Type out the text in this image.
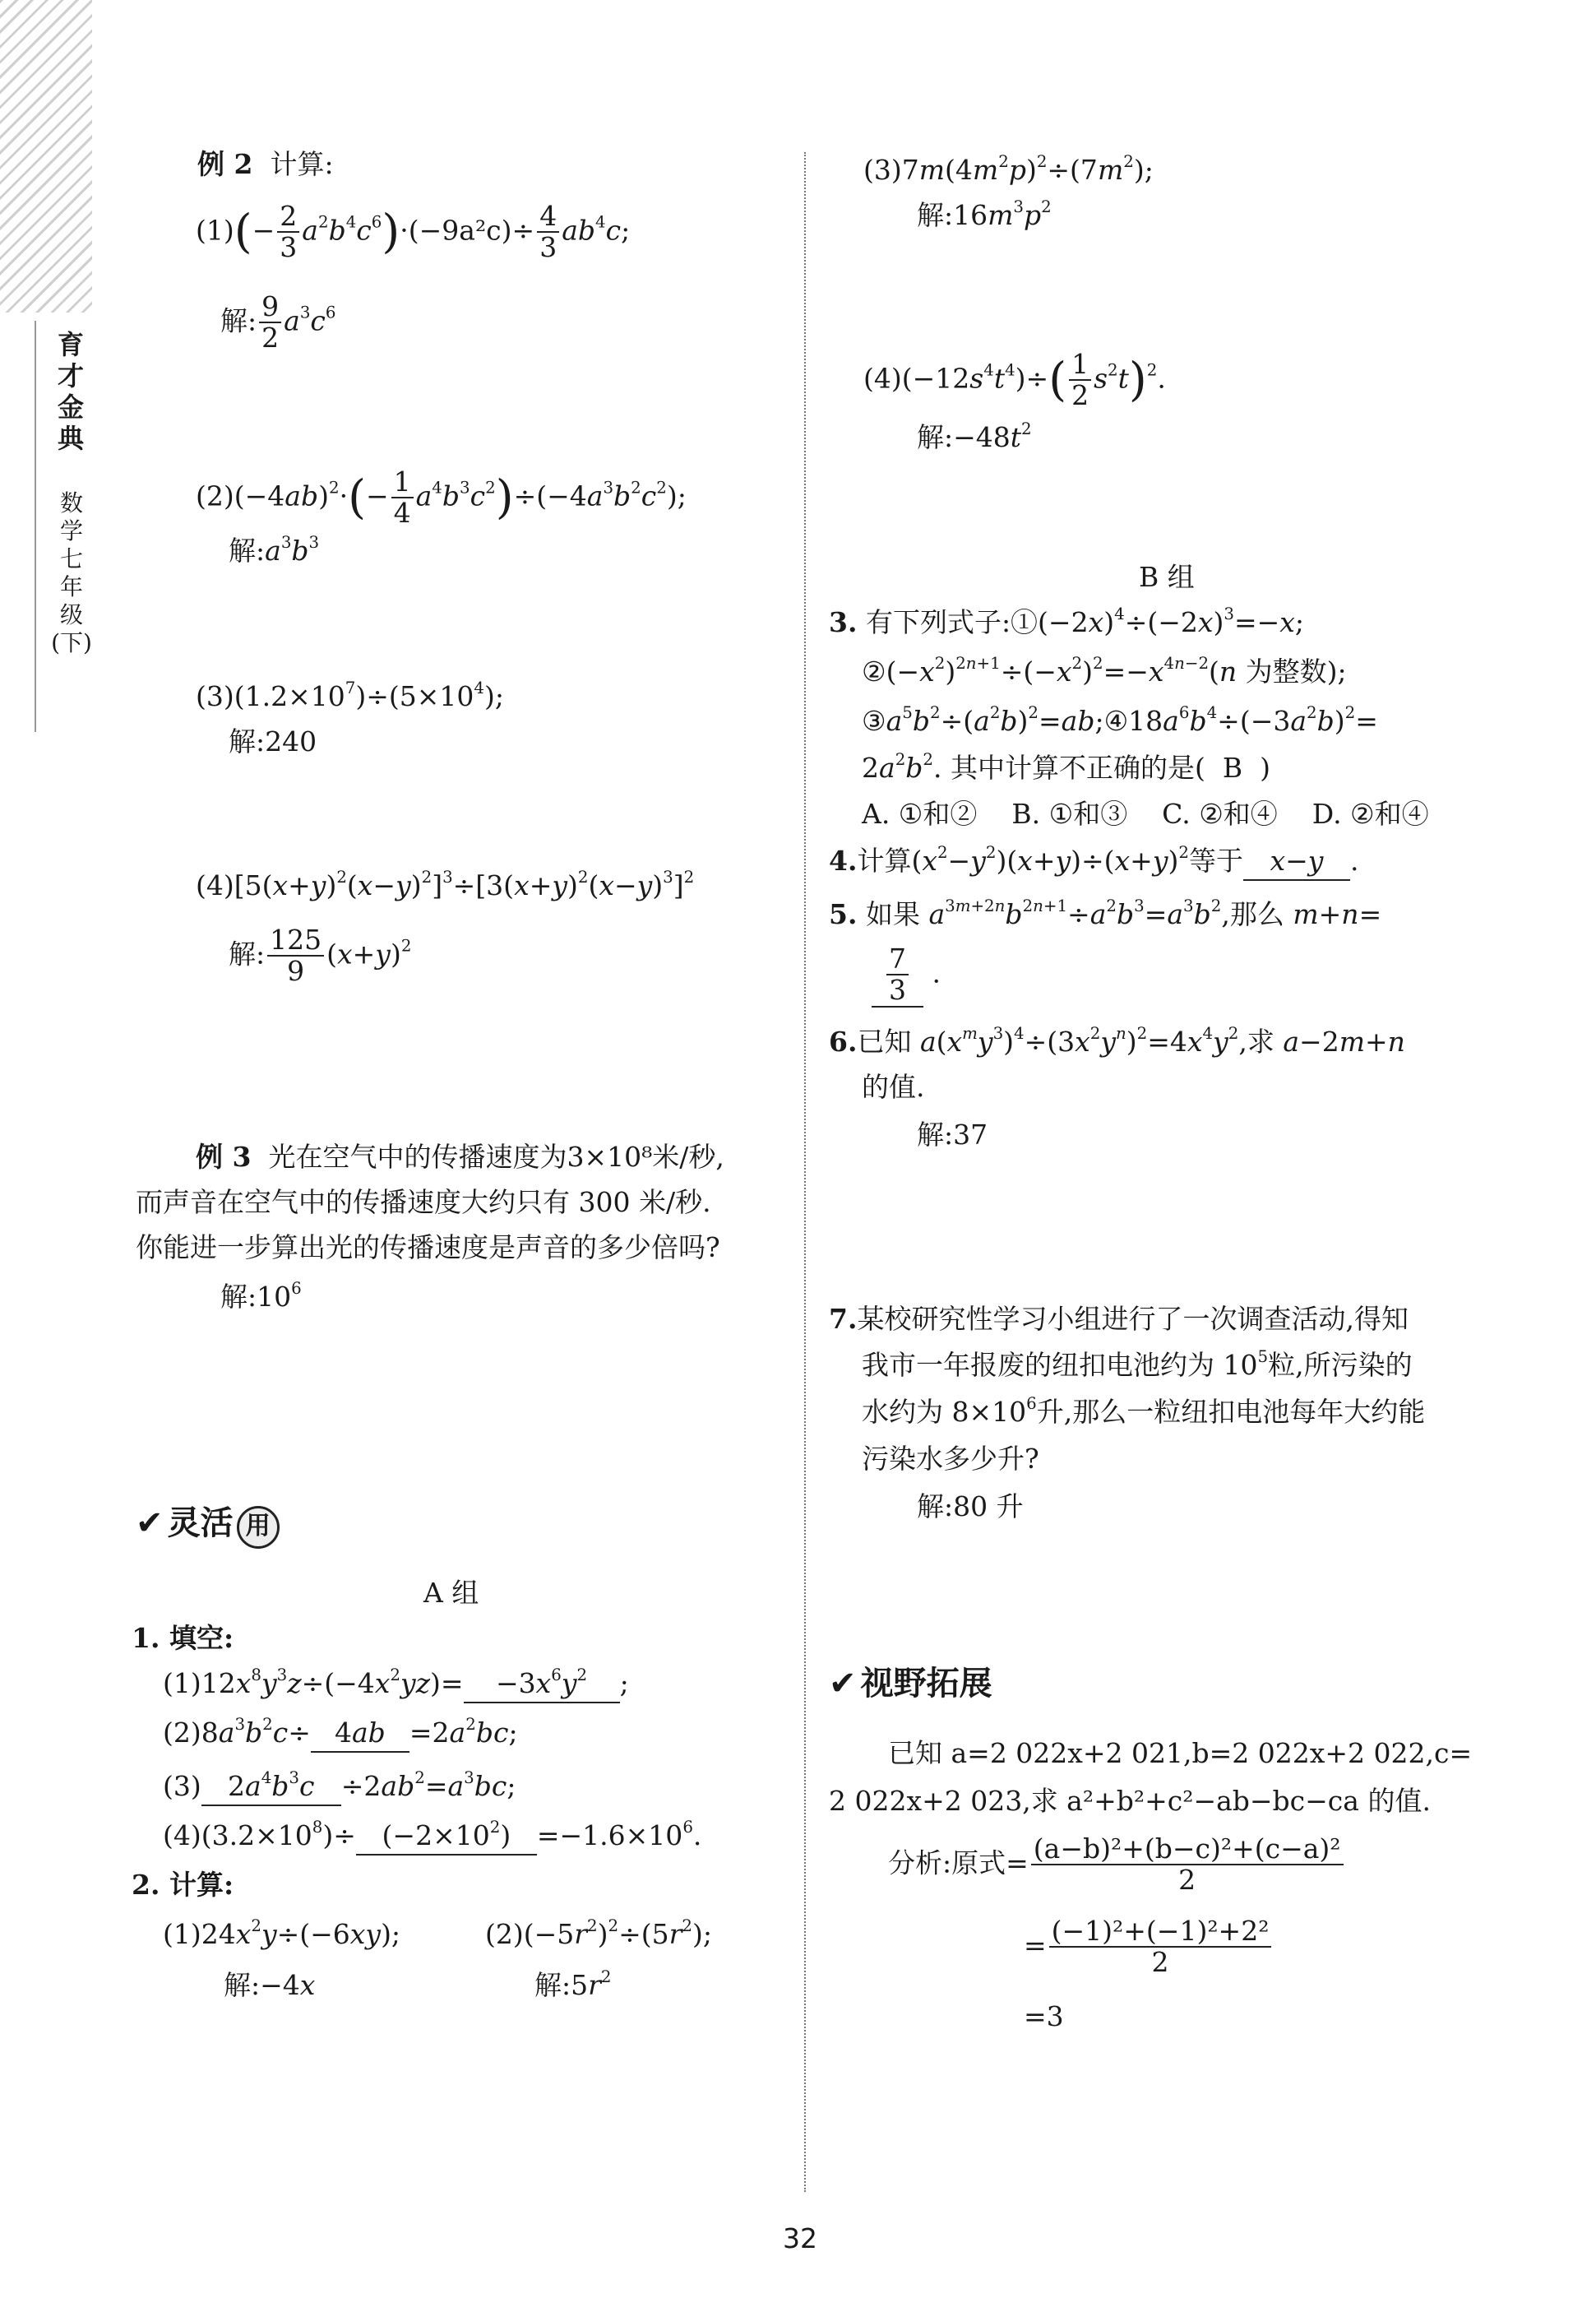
育才金典
数学
七年级(下)
例 2 计算:
$(1)(- \frac{2}{3} a^2b^4c^6)\cdot(-9a^2c)\div \frac{4}{3} ab^4c$;
解: $\frac{9}{2} a^3c^6$
$(2)(-4ab)^2\cdot(- \frac{1}{4} a^4b^3c^2)\div(-4a^3b^2c^2)$;
解$:a^3b^3$
$(3)(1.2\times 10^7)\div(5\times 10^4)$;
解:240
$(4)[5(x+y)^2(x-y)^2]^3\div[3(x+y)^2(x-y)^3]^2$
解: $\frac{125}{9} (x+y)^2$
例 3 光在空气中的传播速度为3×10⁸米/秒,
而声音在空气中的传播速度大约只有 300 米/秒.
你能进一步算出光的传播速度是声音的多少倍吗?
解$:10^6$
✔ 灵活 用
A 组
1. 填空:
$(1)12x^8y^3z\div(-4x^2yz)= -3x^6y^2$ ;
$(2)8a^3b^2c\div 4ab =2a^2bc$;
(3) $2a^4b^3c \div 2ab^2=a^3bc$;
$(4)(3.2\times 10^8)\div (-2\times 10^2) =-1.6\times 10^6$.
2. 计算:
$(1)24x^2y\div(-6xy)$;	$(2)(-5r^2)^2\div(5r^2)$;
解:−4x	解$:5r^2$
$(3)7m(4m^2p)^2\div(7m^2)$;
解$:16m^3p^2$
$(4)(-12s^4t^4)\div( \frac{1}{2} s^2t)^2$.
解$:-48t^2$
B 组
3. 有下列式子$:①(-2x)^4\div(-2x)^3=-x$;
$②(-x^2)^{2n+1}\div(-x^2)^2=-x^{4n-2}(n$ 为整数);
$③a^5b^2\div(a^2b)^2=ab;④18a^6b^4\div(-3a^2b)^2=$
$2a^2b^2$. 其中计算不正确的是(  B  )
A. ①和② B. ①和③ C. ②和④ D. ②和④
4.计算$(x^2-y^2)(x+y)\div(x+y)^2$等于 x−y .
5. 如果 $a^{3m+2n}b^{2n+1}\div a^2b^3=a^3b^2$,那么 m+n=
$\frac{7}{3}$ .
6.已知 $a(x^my^3)^4\div(3x^2y^n)^2=4x^4y^2$,求 a−2m+n
的值.
解:37
7.某校研究性学习小组进行了一次调查活动,得知
我市一年报废的纽扣电池约为 $10^5$粒,所污染的
水约为 $8\times 10^6$升,那么一粒纽扣电池每年大约能
污染水多少升?
解:80 升
✔ 视野拓展
已知 a=2 022x+2 021,b=2 022x+2 022,c=
2 022x+2 023,求 a²+b²+c²−ab−bc−ca 的值.
分析:原式= $\frac{\text{(a−b)²+(b−c)²+(c−a)²}}{2}$
= $\frac{\text{(−1)²+(−1)²+2²}}{2}$
=3
32
